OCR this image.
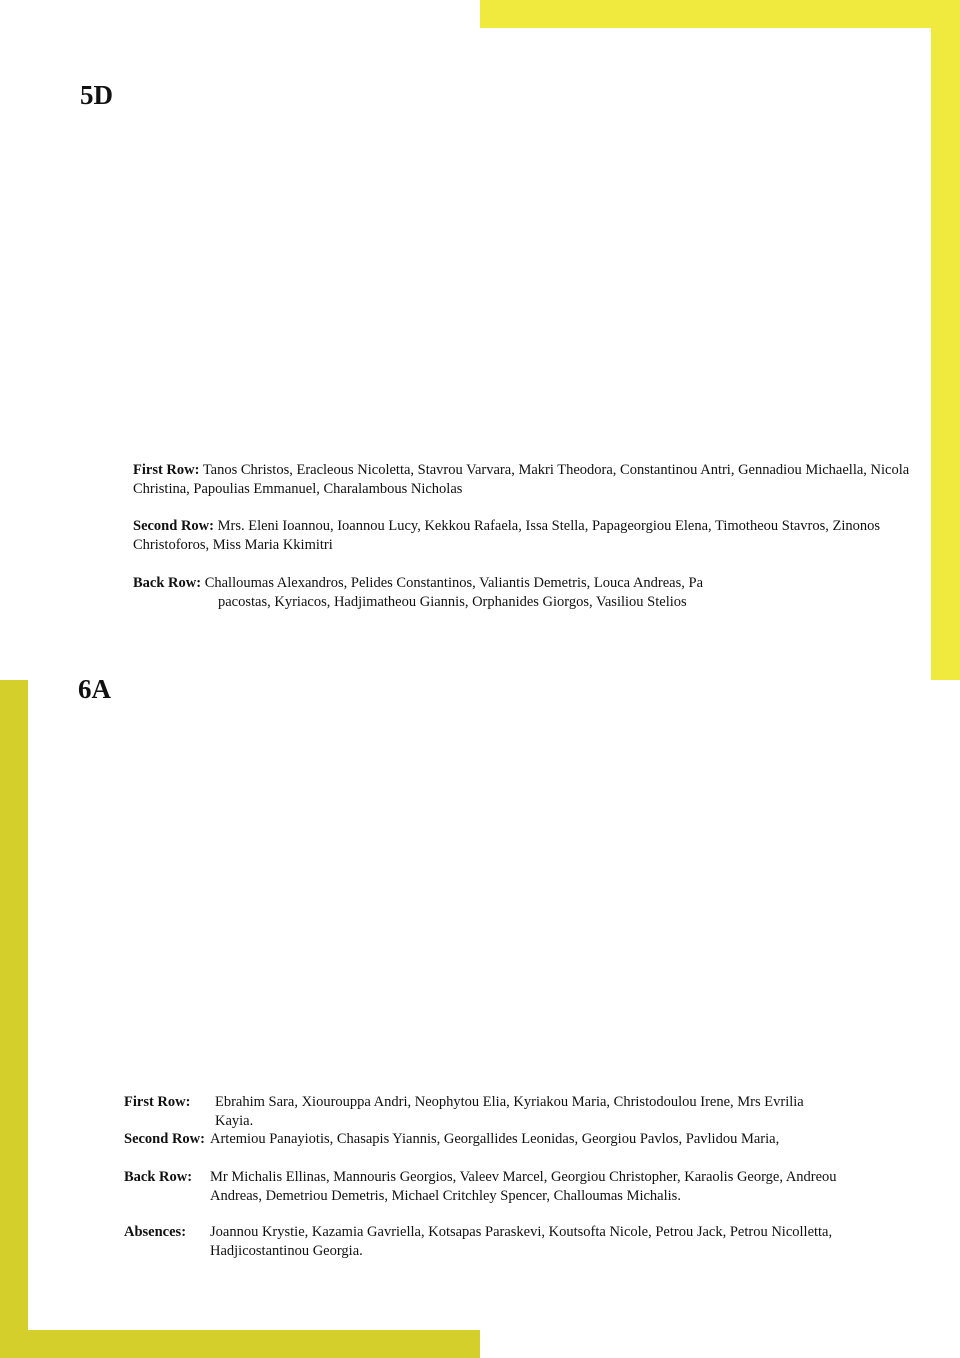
5D
First Row: Tanos Christos, Eracleous Nicoletta, Stavrou Varvara, Makri Theodora, Constantinou Antri, Gennadiou Michaella, Nicola Christina, Papoulias Emmanuel, Charalambous Nicholas
Second Row: Mrs. Eleni Ioannou, Ioannou Lucy, Kekkou Rafaela, Issa Stella, Papageorgiou Elena, Timotheou Stavros, Zinonos Christoforos, Miss Maria Kkimitri
Back Row: Challoumas Alexandros, Pelides Constantinos, Valiantis Demetris, Louca Andreas, Pa
pacostas, Kyriacos, Hadjimatheou Giannis, Orphanides Giorgos, Vasiliou Stelios
6A
First Row: Ebrahim Sara, Xiourouppa Andri, Neophytou Elia, Kyriakou Maria, Christodoulou Irene, Mrs Evrilia Kayia.
Second Row: Artemiou Panayiotis, Chasapis Yiannis, Georgallides Leonidas, Georgiou Pavlos, Pavlidou Maria,
Back Row: Mr Michalis Ellinas, Mannouris Georgios, Valeev Marcel, Georgiou Christopher, Karaolis George, Andreou Andreas, Demetriou Demetris, Michael Critchley Spencer, Challoumas Michalis.
Absences: Joannou Krystie, Kazamia Gavriella, Kotsapas Paraskevi, Koutsofta Nicole, Petrou Jack, Petrou Nicolletta, Hadjicostantinou Georgia.
